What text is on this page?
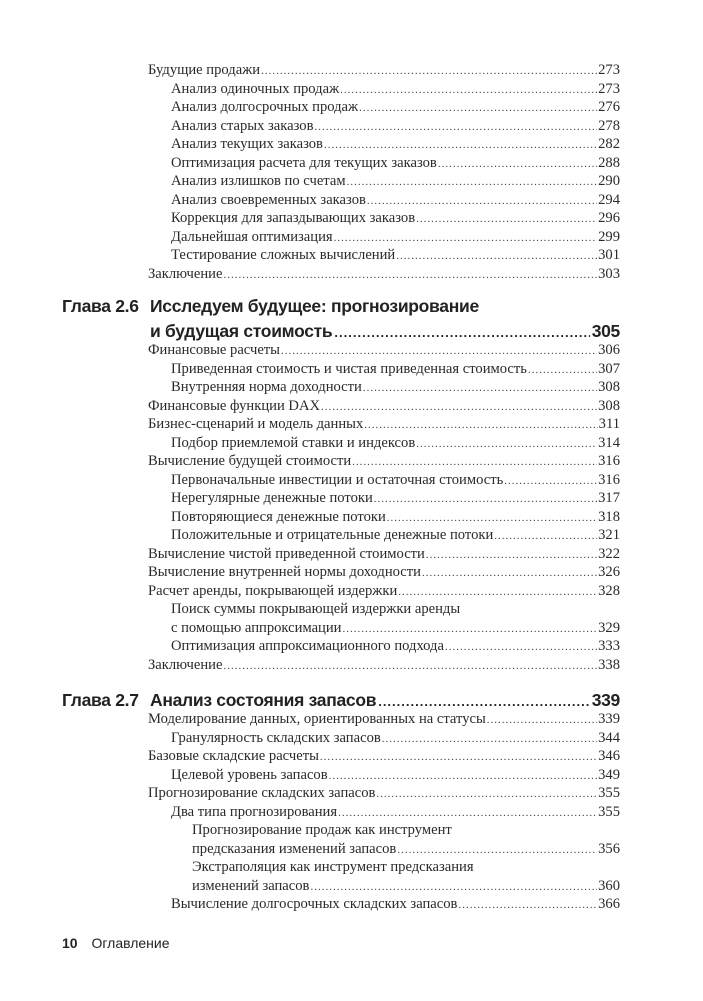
Будущие продажи .....	273
Анализ одиночных продаж .....	273
Анализ долгосрочных продаж .....	276
Анализ старых заказов .....	278
Анализ текущих заказов .....	282
Оптимизация расчета для текущих заказов .....	288
Анализ излишков по счетам .....	290
Анализ своевременных заказов .....	294
Коррекция для запаздывающих заказов .....	296
Дальнейшая оптимизация .....	299
Тестирование сложных вычислений .....	301
Заключение .....	303
Глава 2.6 Исследуем будущее: прогнозирование
и будущая стоимость .....	305
Финансовые расчеты .....	306
Приведенная стоимость и чистая приведенная стоимость .....	307
Внутренняя норма доходности .....	308
Финансовые функции DAX .....	308
Бизнес-сценарий и модель данных .....	311
Подбор приемлемой ставки и индексов .....	314
Вычисление будущей стоимости .....	316
Первоначальные инвестиции и остаточная стоимость .....	316
Нерегулярные денежные потоки .....	317
Повторяющиеся денежные потоки .....	318
Положительные и отрицательные денежные потоки .....	321
Вычисление чистой приведенной стоимости .....	322
Вычисление внутренней нормы доходности .....	326
Расчет аренды, покрывающей издержки .....	328
Поиск суммы покрывающей издержки аренды
с помощью аппроксимации .....	329
Оптимизация аппроксимационного подхода .....	333
Заключение .....	338
Глава 2.7 Анализ состояния запасов .....	339
Моделирование данных, ориентированных на статусы .....	339
Гранулярность складских запасов .....	344
Базовые складские расчеты .....	346
Целевой уровень запасов .....	349
Прогнозирование складских запасов .....	355
Два типа прогнозирования .....	355
Прогнозирование продаж как инструмент
предсказания изменений запасов .....	356
Экстраполяция как инструмент предсказания
изменений запасов .....	360
Вычисление долгосрочных складских запасов .....	366
10 Оглавление
